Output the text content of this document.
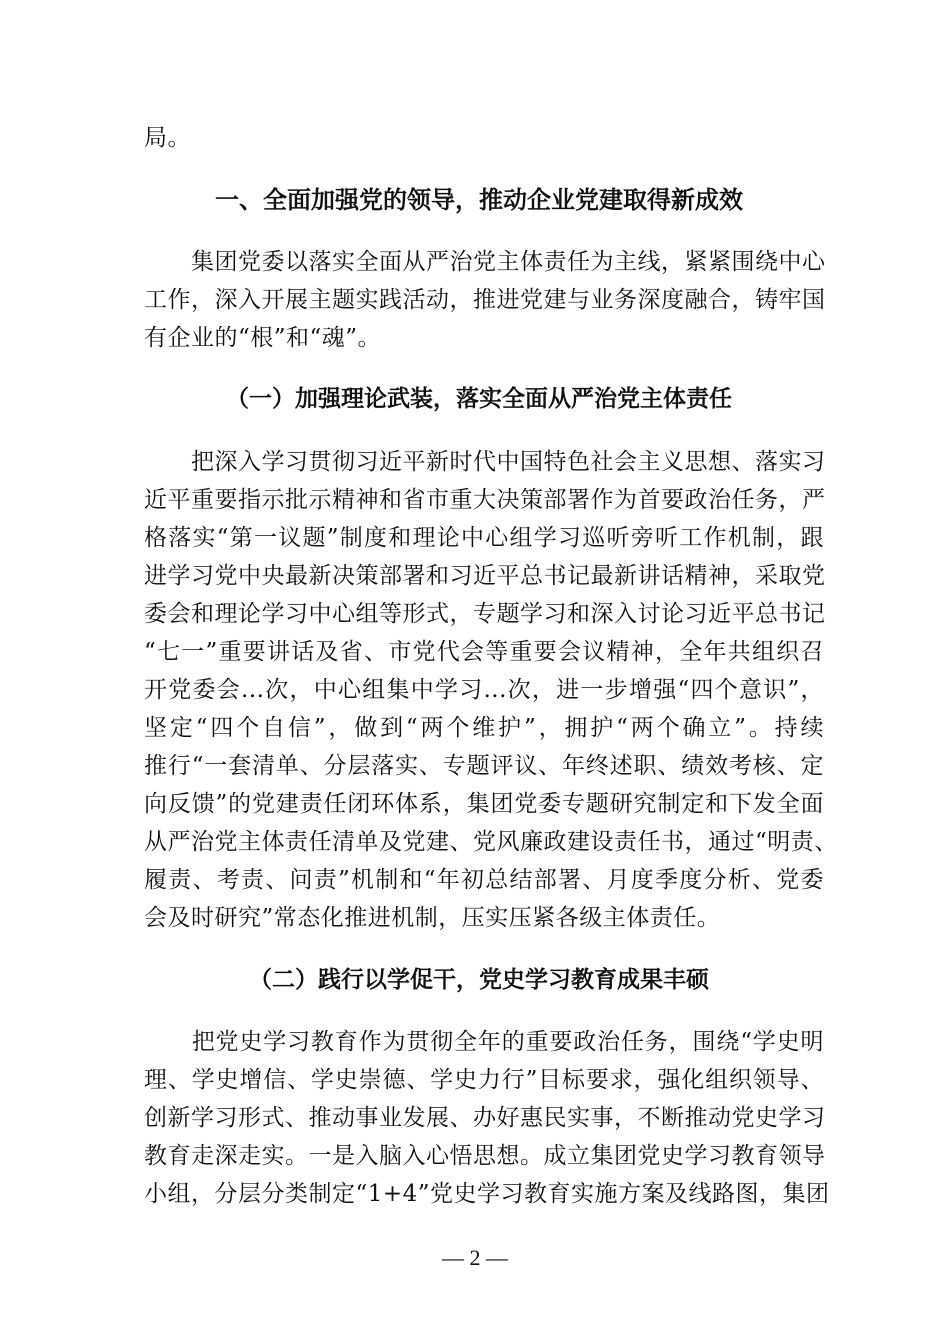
局。

一、全面加强党的领导，推动企业党建取得新成效

　　集团党委以落实全面从严治党主体责任为主线，紧紧围绕中心

工作，深入开展主题实践活动，推进党建与业务深度融合，铸牢国

有企业的“根”和“魂”。

（一）加强理论武装，落实全面从严治党主体责任

　　把深入学习贯彻习近平新时代中国特色社会主义思想、落实习

近平重要指示批示精神和省市重大决策部署作为首要政治任务，严

格落实“第一议题”制度和理论中心组学习巡听旁听工作机制，跟

进学习党中央最新决策部署和习近平总书记最新讲话精神，采取党

委会和理论学习中心组等形式，专题学习和深入讨论习近平总书记

“七一”重要讲话及省、市党代会等重要会议精神，全年共组织召

开党委会...次，中心组集中学习...次，进一步增强“四个意识”，

坚定“四个自信”，做到“两个维护”，拥护“两个确立”。持续

推行“一套清单、分层落实、专题评议、年终述职、绩效考核、定

向反馈”的党建责任闭环体系，集团党委专题研究制定和下发全面

从严治党主体责任清单及党建、党风廉政建设责任书，通过“明责、

履责、考责、问责”机制和“年初总结部署、月度季度分析、党委

会及时研究”常态化推进机制，压实压紧各级主体责任。

（二）践行以学促干，党史学习教育成果丰硕

　　把党史学习教育作为贯彻全年的重要政治任务，围绕“学史明

理、学史增信、学史崇德、学史力行”目标要求，强化组织领导、

创新学习形式、推动事业发展、办好惠民实事，不断推动党史学习

教育走深走实。一是入脑入心悟思想。成立集团党史学习教育领导

小组，分层分类制定“1+4”党史学习教育实施方案及线路图，集团

— 2 —
